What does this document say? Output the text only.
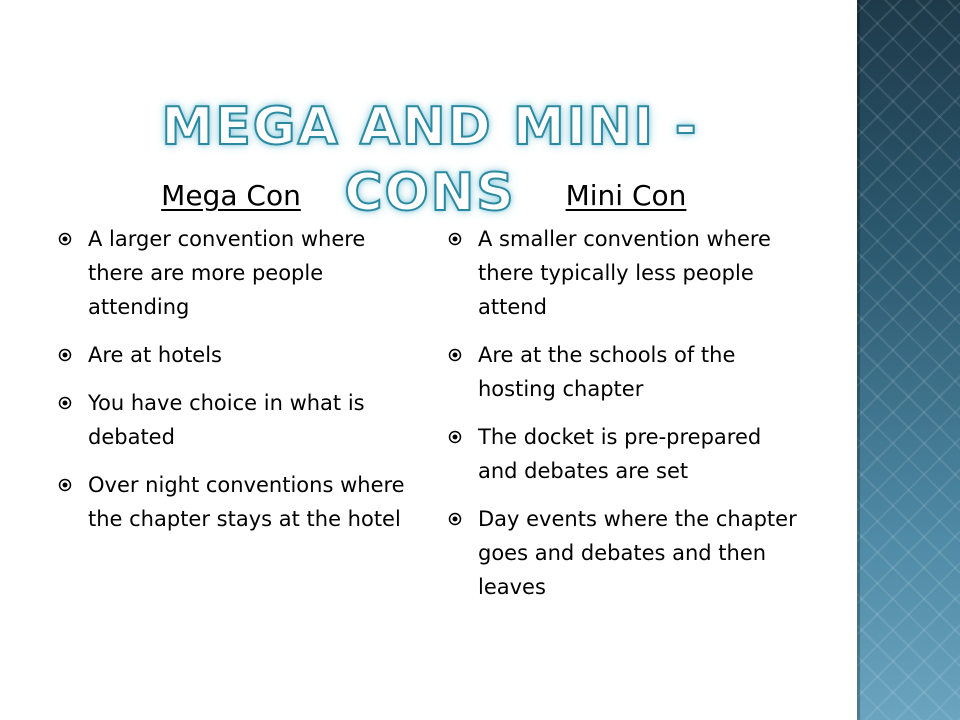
MEGA AND MINI - CONS
Mega Con
A larger convention where there are more people attending
Are at hotels
You have choice in what is debated
Over night conventions where the chapter stays at the hotel
Mini Con
A smaller convention where there typically less people attend
Are at the schools of the hosting chapter
The docket is pre-prepared and debates are set
Day events where the chapter goes and debates and then leaves
